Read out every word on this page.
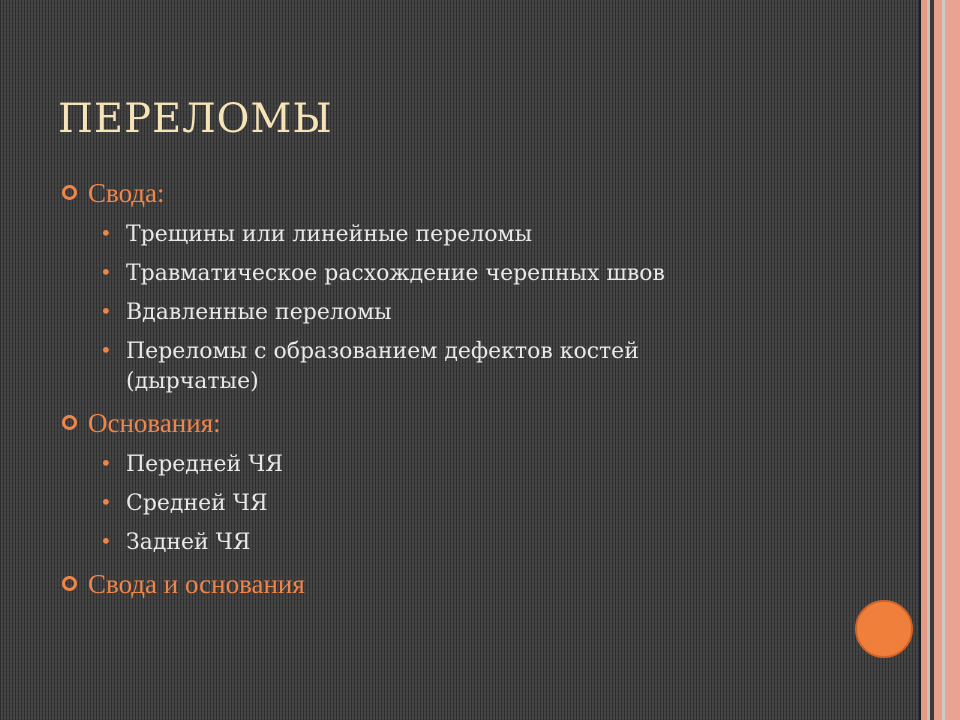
ПЕРЕЛОМЫ
Свода:
• Трещины или линейные переломы
• Травматическое расхождение черепных швов
• Вдавленные переломы
• Переломы с образованием дефектов костей (дырчатые)
Основания:
• Передней ЧЯ
• Средней ЧЯ
• Задней ЧЯ
Свода и основания
